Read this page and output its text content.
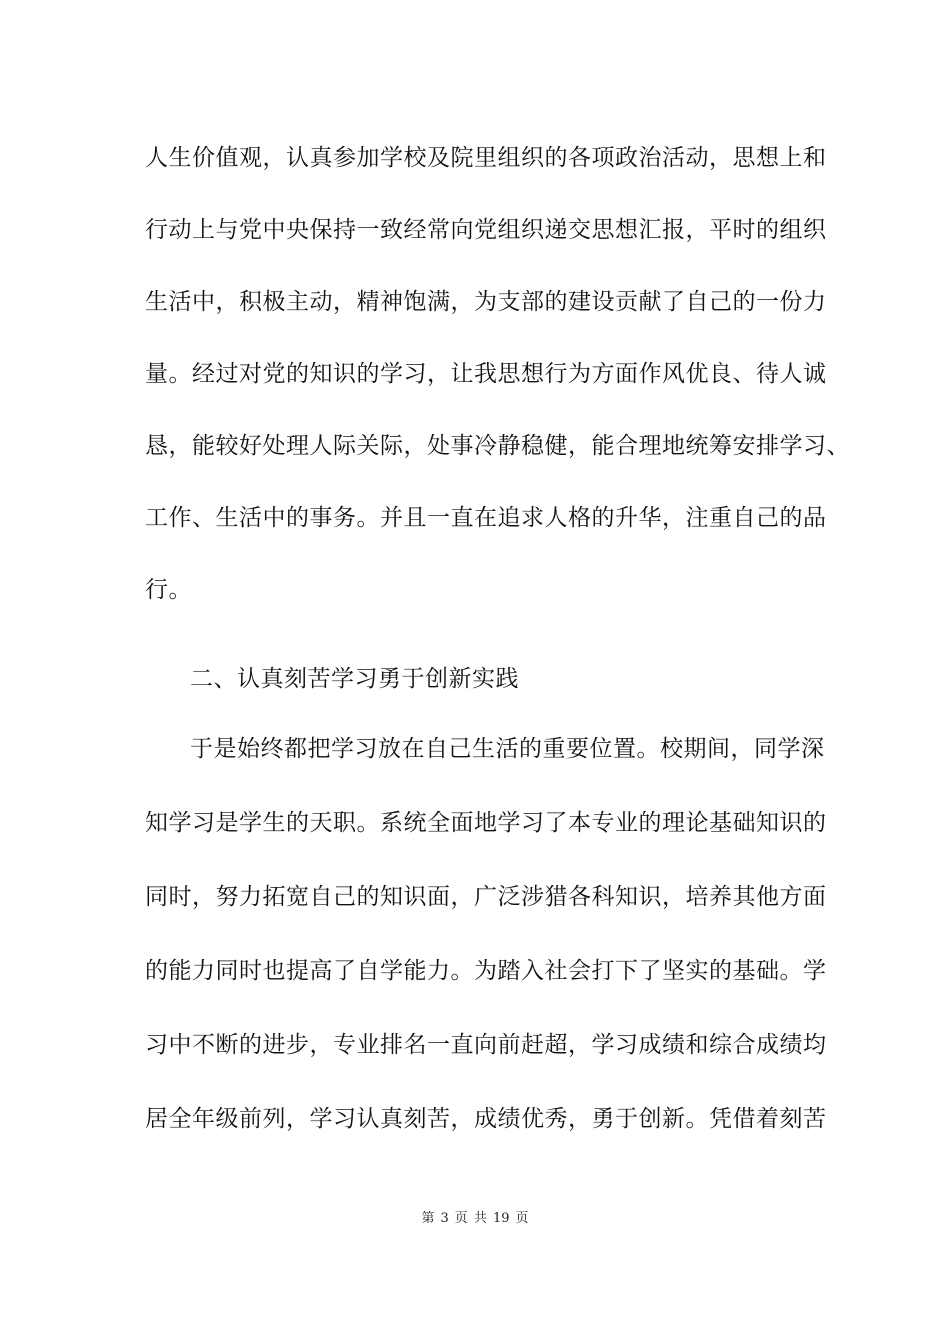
人生价值观，认真参加学校及院里组织的各项政治活动，思想上和
行动上与党中央保持一致经常向党组织递交思想汇报，平时的组织
生活中，积极主动，精神饱满，为支部的建设贡献了自己的一份力
量。经过对党的知识的学习，让我思想行为方面作风优良、待人诚
恳，能较好处理人际关际，处事冷静稳健，能合理地统筹安排学习、
工作、生活中的事务。并且一直在追求人格的升华，注重自己的品
行。
二、认真刻苦学习勇于创新实践
于是始终都把学习放在自己生活的重要位置。校期间，同学深
知学习是学生的天职。系统全面地学习了本专业的理论基础知识的
同时，努力拓宽自己的知识面，广泛涉猎各科知识，培养其他方面
的能力同时也提高了自学能力。为踏入社会打下了坚实的基础。学
习中不断的进步，专业排名一直向前赶超，学习成绩和综合成绩均
居全年级前列，学习认真刻苦，成绩优秀，勇于创新。凭借着刻苦
第 3 页 共 19 页
